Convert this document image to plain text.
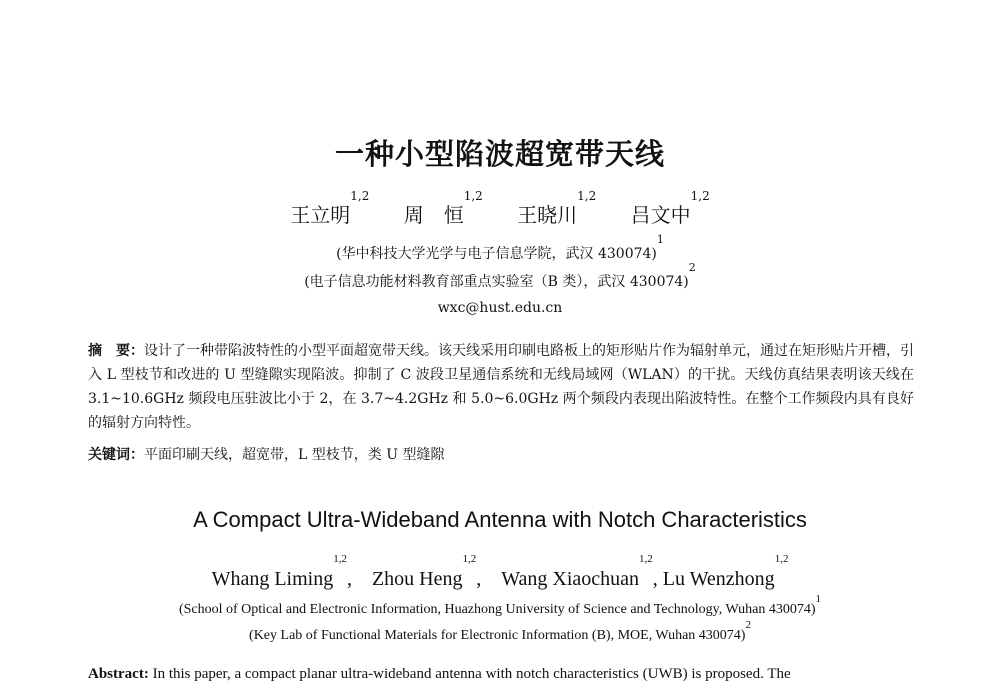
一种小型陷波超宽带天线
王立明$^{1,2}$ 周　恒$^{1,2}$ 王晓川$^{1,2}$ 吕文中$^{1,2}$
(华中科技大学光学与电子信息学院，武汉 430074)$^1$
(电子信息功能材料教育部重点实验室（B 类），武汉 430074)$^2$
wxc@hust.edu.cn
摘　要：设计了一种带陷波特性的小型平面超宽带天线。该天线采用印刷电路板上的矩形贴片作为辐射单元，通过在矩形贴片开槽，引入 L 型枝节和改进的 U 型缝隙实现陷波。抑制了 C 波段卫星通信系统和无线局域网（WLAN）的干扰。天线仿真结果表明该天线在 3.1~10.6GHz 频段电压驻波比小于 2，在 3.7~4.2GHz 和 5.0~6.0GHz 两个频段内表现出陷波特性。在整个工作频段内具有良好的辐射方向特性。
关键词：平面印刷天线，超宽带，L 型枝节，类 U 型缝隙
A Compact Ultra-Wideband Antenna with Notch Characteristics
Whang Liming$^{1,2}$,　Zhou Heng$^{1,2}$,　Wang Xiaochuan$^{1,2}$, Lu Wenzhong$^{1,2}$
(School of Optical and Electronic Information, Huazhong University of Science and Technology, Wuhan 430074)$^1$
(Key Lab of Functional Materials for Electronic Information (B), MOE, Wuhan 430074)$^2$
Abstract: In this paper, a compact planar ultra-wideband antenna with notch characteristics (UWB) is proposed. The
